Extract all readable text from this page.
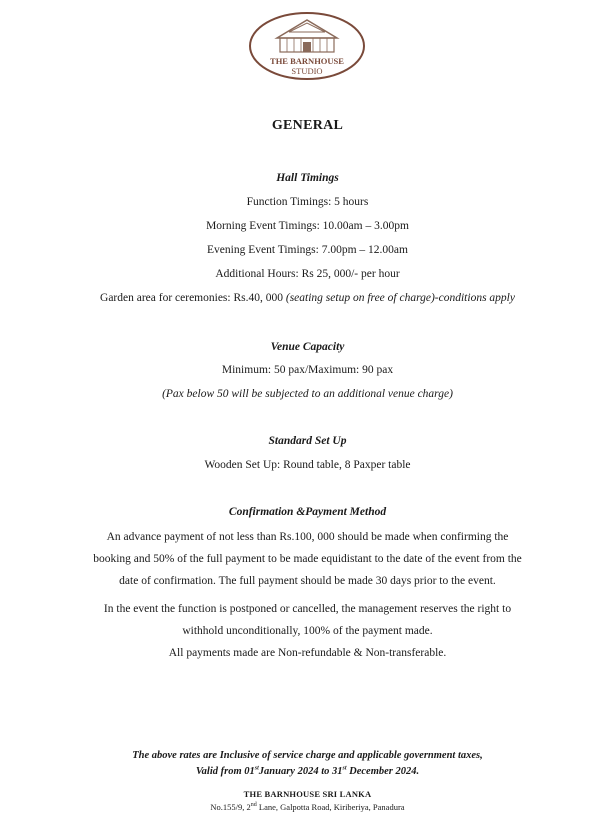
THE BARNHOUSE
STUDIO
GENERAL
Hall Timings
Function Timings: 5 hours
Morning Event Timings: 10.00am – 3.00pm
Evening Event Timings: 7.00pm – 12.00am
Additional Hours: Rs 25, 000/- per hour
Garden area for ceremonies: Rs.40, 000 (seating setup on free of charge)-conditions apply
Venue Capacity
Minimum: 50 pax/Maximum: 90 pax
(Pax below 50 will be subjected to an additional venue charge)
Standard Set Up
Wooden Set Up: Round table, 8 Paxper table
Confirmation &Payment Method
An advance payment of not less than Rs.100, 000 should be made when confirming the
booking and 50% of the full payment to be made equidistant to the date of the event from the
date of confirmation. The full payment should be made 30 days prior to the event.
In the event the function is postponed or cancelled, the management reserves the right to
withhold unconditionally, 100% of the payment made.
All payments made are Non-refundable & Non-transferable.
The above rates are Inclusive of service charge and applicable government taxes,
Valid from 01stJanuary 2024 to 31st December 2024.
THE BARNHOUSE SRI LANKA
No.155/9, 2nd Lane, Galpotta Road, Kiriberiya, Panadura
